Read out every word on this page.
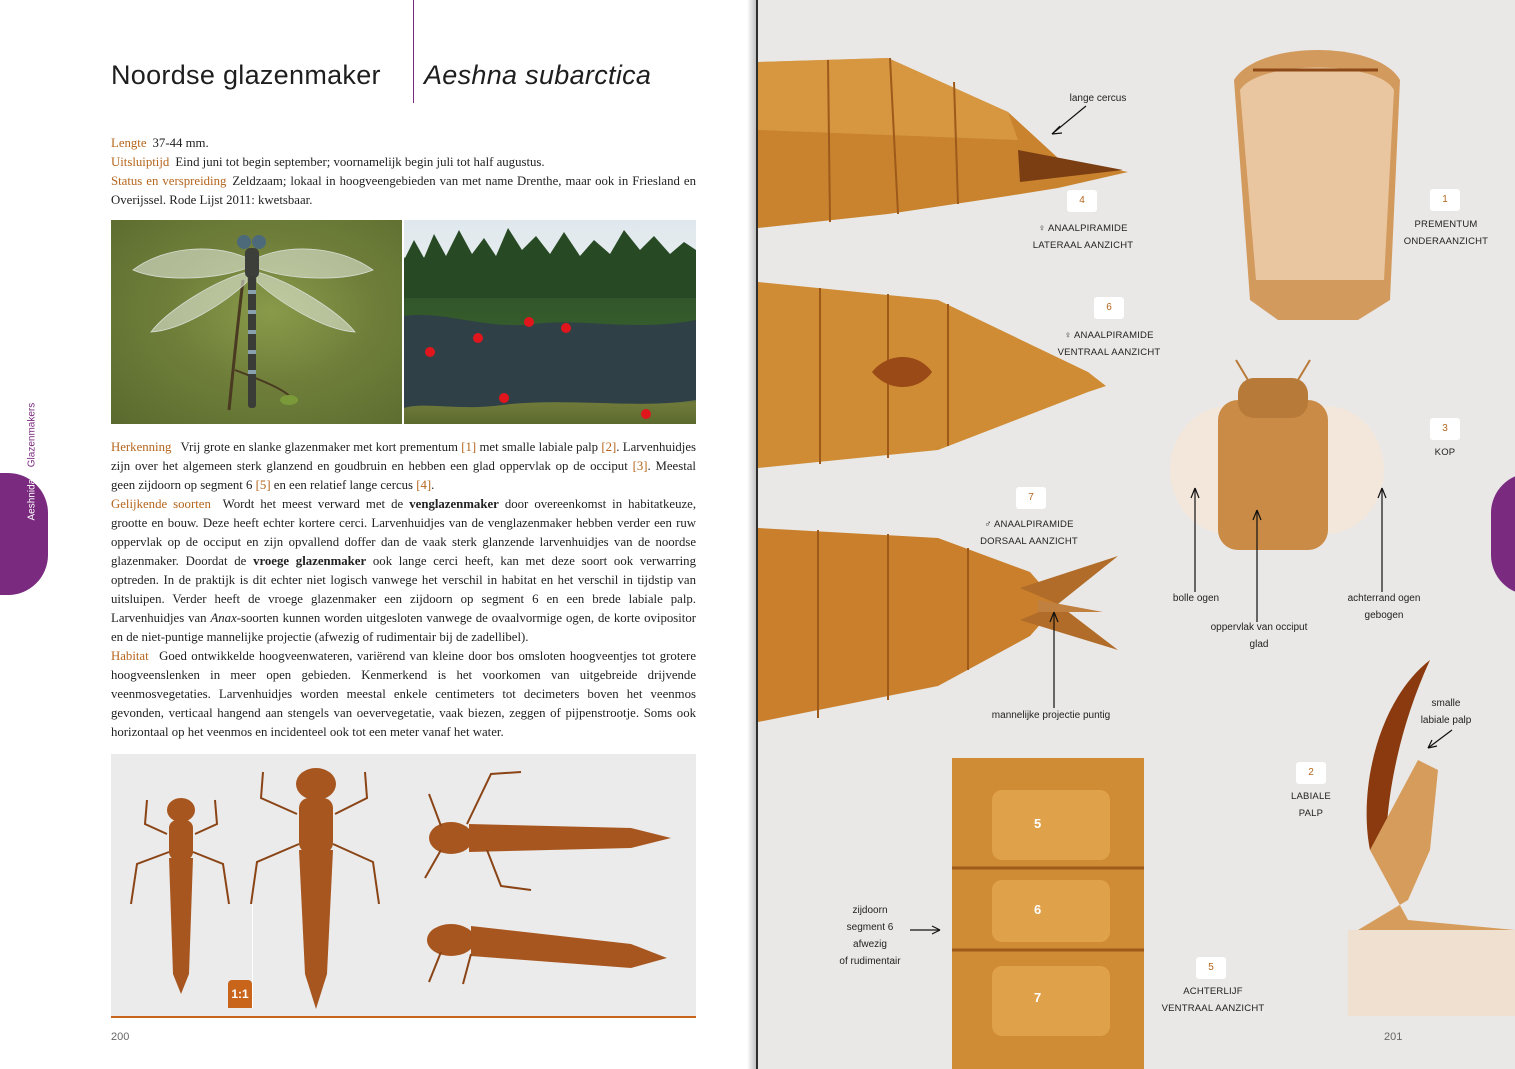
Noordse glazenmaker Aeshna subarctica
Lengte 37-44 mm.
Uitsluiptijd Eind juni tot begin september; voornamelijk begin juli tot half augustus.
Status en verspreiding Zeldzaam; lokaal in hoogveengebieden van met name Drenthe, maar ook in Friesland en Overijssel. Rode Lijst 2011: kwetsbaar.

Herkenning Vrij grote en slanke glazenmaker met kort prementum [1] met smalle labiale palp [2]. Larvenhuidjes zijn over het algemeen sterk glanzend en goudbruin en hebben een glad oppervlak op de occiput [3]. Meestal geen zijdoorn op segment 6 [5] en een relatief lange cercus [4].

Gelijkende soorten Wordt het meest verward met de venglazenmaker door overeenkomst in habitatkeuze, grootte en bouw. Deze heeft echter kortere cerci. Larvenhuidjes van de venglazenmaker hebben verder een ruw oppervlak op de occiput en zijn opvallend doffer dan de vaak sterk glanzende larvenhuidjes van de noordse glazenmaker. Doordat de vroege glazenmaker ook lange cerci heeft, kan met deze soort ook verwarring optreden. In de praktijk is dit echter niet logisch vanwege het verschil in habitat en het verschil in tijdstip van uitsluipen. Verder heeft de vroege glazenmaker een zijdoorn op segment 6 en een brede labiale palp. Larvenhuidjes van Anax-soorten kunnen worden uitgesloten vanwege de ovaalvormige ogen, de korte ovipositor en de niet-puntige mannelijke projectie (afwezig of rudimentair bij de zadellibel).

Habitat Goed ontwikkelde hoogveenwateren, variërend van kleine door bos omsloten hoogveentjes tot grotere hoogveenslenken in meer open gebieden. Kenmerkend is het voorkomen van uitgebreide drijvende veenmosvegetaties. Larvenhuidjes worden meestal enkele centimeters tot decimeters boven het veenmos gevonden, verticaal hangend aan stengels van oevervegetatie, vaak biezen, zeggen of pijpenstrootje. Soms ook horizontaal op het veenmos en incidenteel ook tot een meter vanaf het water.

1:1
200
AeshnidaeGlazenmakers
lange cercus
4
♀ ANAALPIRAMIDE
LATERAAL AANZICHT
1
PREMENTUM
ONDERAANZICHT
6
♀ ANAALPIRAMIDE
VENTRAAL AANZICHT
3
KOP
7
♂ ANAALPIRAMIDE
DORSAAL AANZICHT
bolle ogen
oppervlak van occiput
glad
achterrand ogen
gebogen
mannelijke projectie puntig
smalle
labiale palp
2
LABIALE
PALP
zijdoorn
segment 6
afwezig
of rudimentair
5
6
7
5
ACHTERLIJF
VENTRAAL AANZICHT
201
